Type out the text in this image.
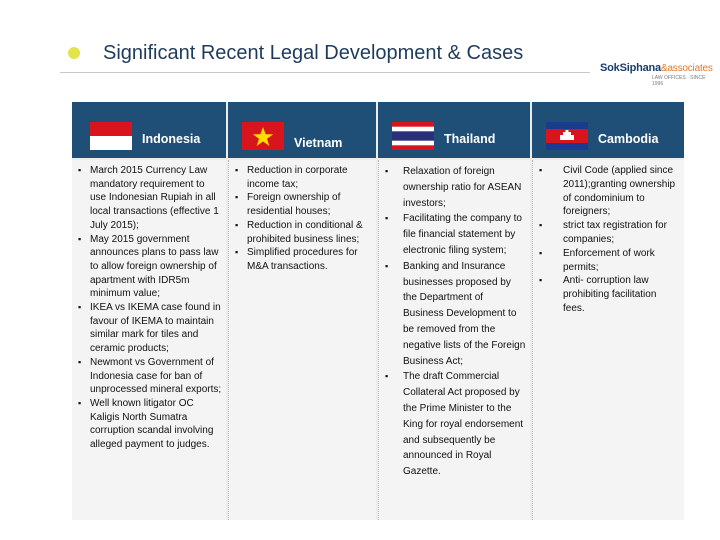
Significant Recent Legal Development & Cases
SokSiphana&associates
LAW OFFICES · SINCE 1996
Indonesia
▪ March 2015 Currency Law mandatory requirement to use Indonesian Rupiah in all local transactions (effective 1 July 2015);
▪ May 2015 government announces plans to pass law to allow foreign ownership of apartment with IDR5m minimum value;
▪ IKEA vs IKEMA case found in favour of IKEMA to maintain similar mark for tiles and ceramic products;
▪ Newmont vs Government of Indonesia case for ban of unprocessed mineral exports;
▪ Well known litigator OC Kaligis North Sumatra corruption scandal involving alleged payment to judges.
Vietnam
▪ Reduction in corporate income tax;
▪ Foreign ownership of residential houses;
▪ Reduction in conditional & prohibited business lines;
▪ Simplified procedures for M&A transactions.
Thailand
▪ Relaxation of foreign ownership ratio for ASEAN investors;
▪ Facilitating the company to file financial statement by electronic filing system;
▪ Banking and Insurance businesses proposed by the Department of Business Development to be removed from the negative lists of the Foreign Business Act;
▪ The draft Commercial Collateral Act proposed by the Prime Minister to the King for royal endorsement and subsequently be announced in Royal Gazette.
Cambodia
▪ Civil Code (applied since 2011);granting ownership of condominium to foreigners;
▪ strict tax registration for companies;
▪ Enforcement of work permits;
▪ Anti- corruption law prohibiting facilitation fees.
